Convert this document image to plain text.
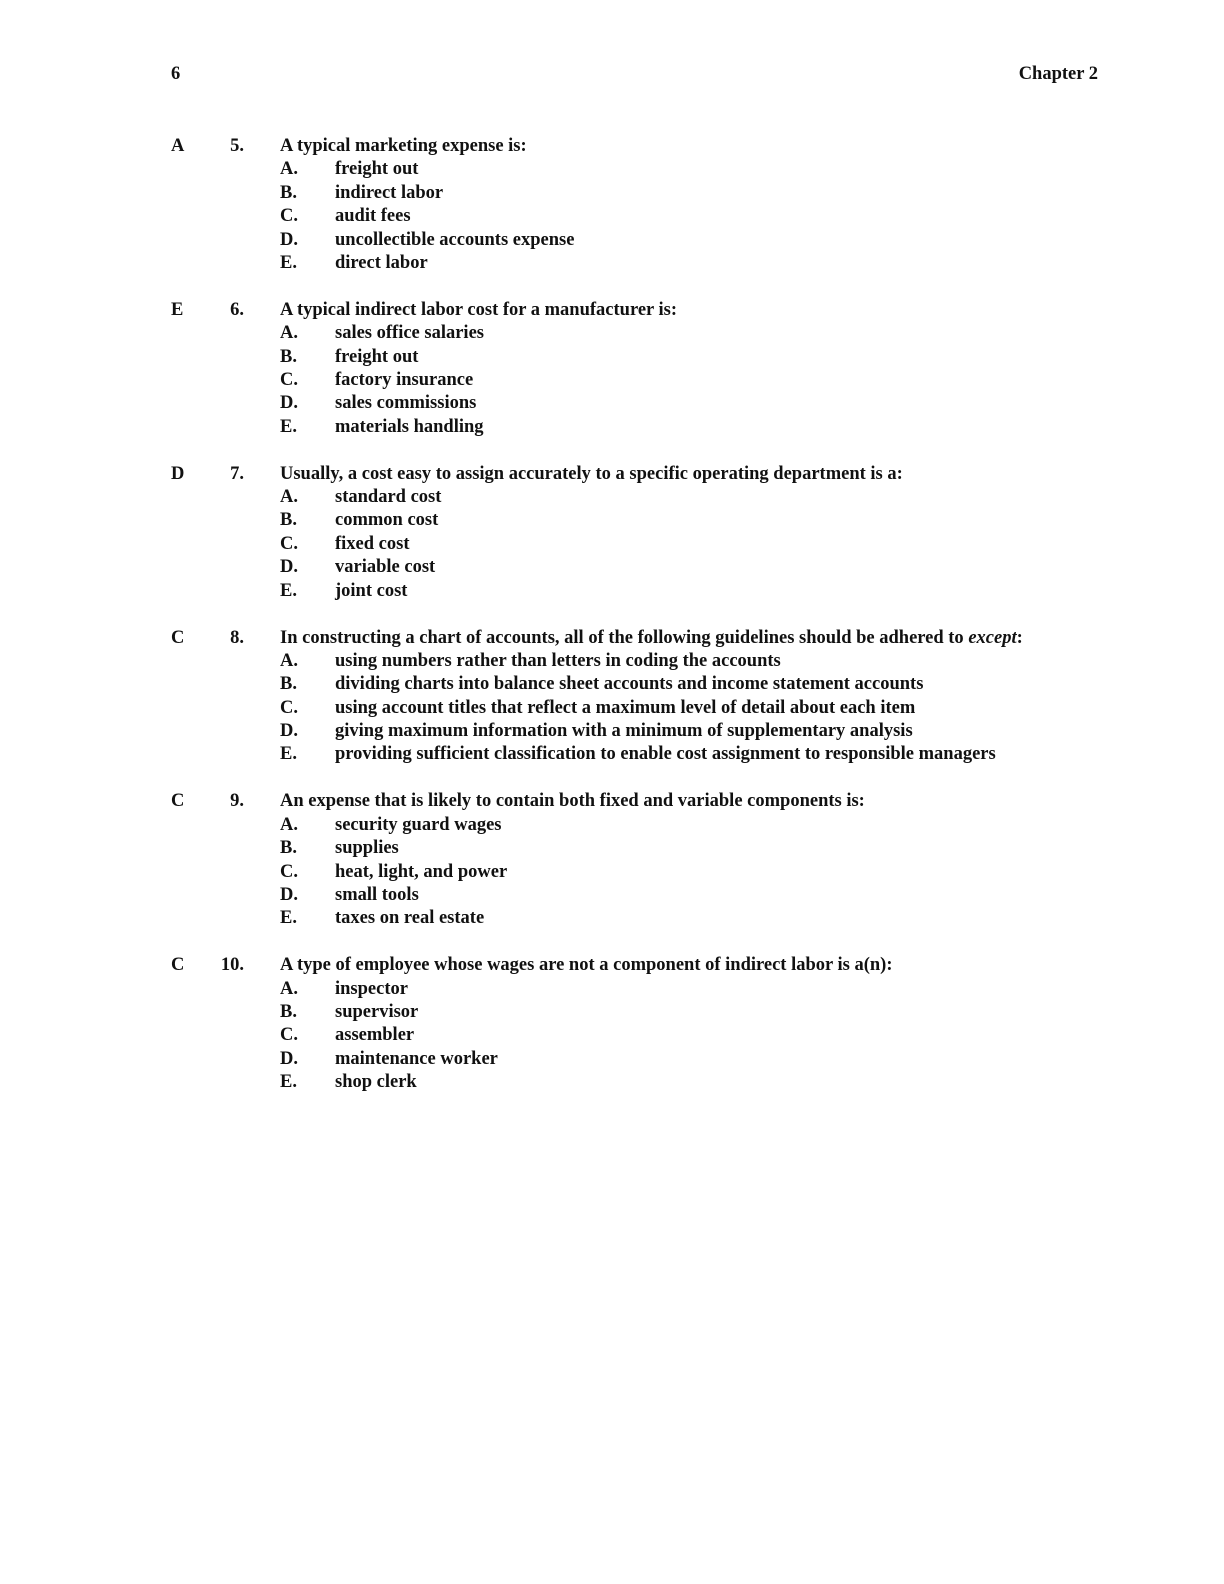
6	Chapter 2
A 5. A typical marketing expense is:
A. freight out
B. indirect labor
C. audit fees
D. uncollectible accounts expense
E. direct labor
E	6. A typical indirect labor cost for a manufacturer is:
A. sales office salaries
B. freight out
C. factory insurance
D. sales commissions
E. materials handling
D 7. Usually, a cost easy to assign accurately to a specific operating department is a:
A. standard cost
B. common cost
C. fixed cost
D. variable cost
E. joint cost
C 8. In constructing a chart of accounts, all of the following guidelines should be adhered to except:
A. using numbers rather than letters in coding the accounts
B. dividing charts into balance sheet accounts and income statement accounts
C. using account titles that reflect a maximum level of detail about each item
D. giving maximum information with a minimum of supplementary analysis
E. providing sufficient classification to enable cost assignment to responsible managers
C 9. An expense that is likely to contain both fixed and variable components is:
A. security guard wages
B. supplies
C. heat, light, and power
D. small tools
E. taxes on real estate
C 10. A type of employee whose wages are not a component of indirect labor is a(n):
A. inspector
B. supervisor
C. assembler
D. maintenance worker
E. shop clerk
